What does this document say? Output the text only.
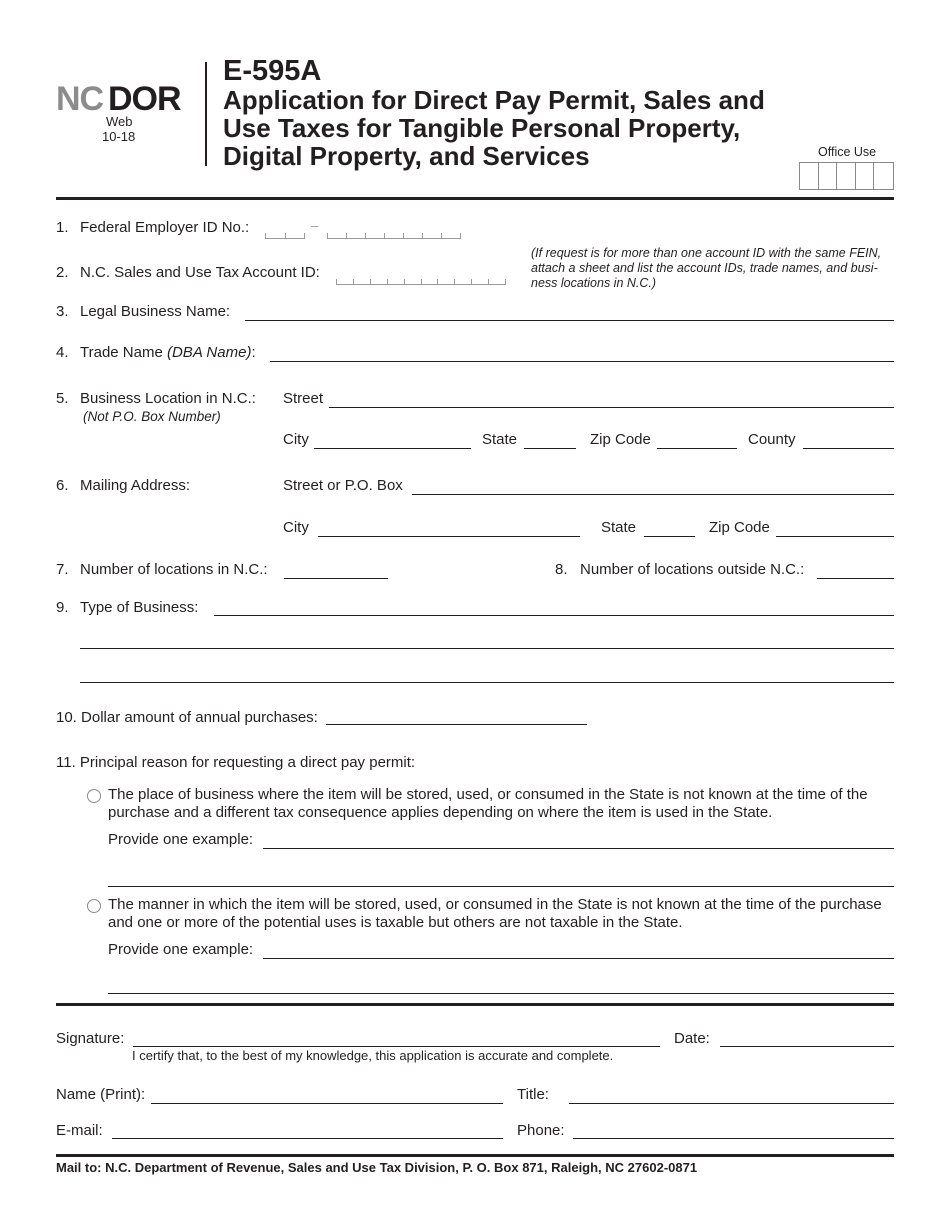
NC DOR
Web
10-18
E-595A
Application for Direct Pay Permit, Sales and
Use Taxes for Tangible Personal Property,
Digital Property, and Services	Office Use
1. Federal Employer ID No.:	–
2. N.C. Sales and Use Tax Account ID:
(If request is for more than one account ID with the same FEIN,
attach a sheet and list the account IDs, trade names, and busi-
ness locations in N.C.)
3. Legal Business Name:
4. Trade Name (DBA Name):
5. Business Location in N.C.:
(Not P.O. Box Number)
Street
City	State	Zip Code	County
6. Mailing Address:	Street or P.O. Box
City	State	Zip Code
7. Number of locations in N.C.:	8. Number of locations outside N.C.:
9. Type of Business:
10. Dollar amount of annual purchases:
11. Principal reason for requesting a direct pay permit:
The place of business where the item will be stored, used, or consumed in the State is not known at the time of the
purchase and a different tax consequence applies depending on where the item is used in the State.
Provide one example:
The manner in which the item will be stored, used, or consumed in the State is not known at the time of the purchase
and one or more of the potential uses is taxable but others are not taxable in the State.
Provide one example:
Signature:	Date:
I certify that, to the best of my knowledge, this application is accurate and complete.
Name (Print):	Title:
E-mail:	Phone:
Mail to: N.C. Department of Revenue, Sales and Use Tax Division, P. O. Box 871, Raleigh, NC 27602-0871
